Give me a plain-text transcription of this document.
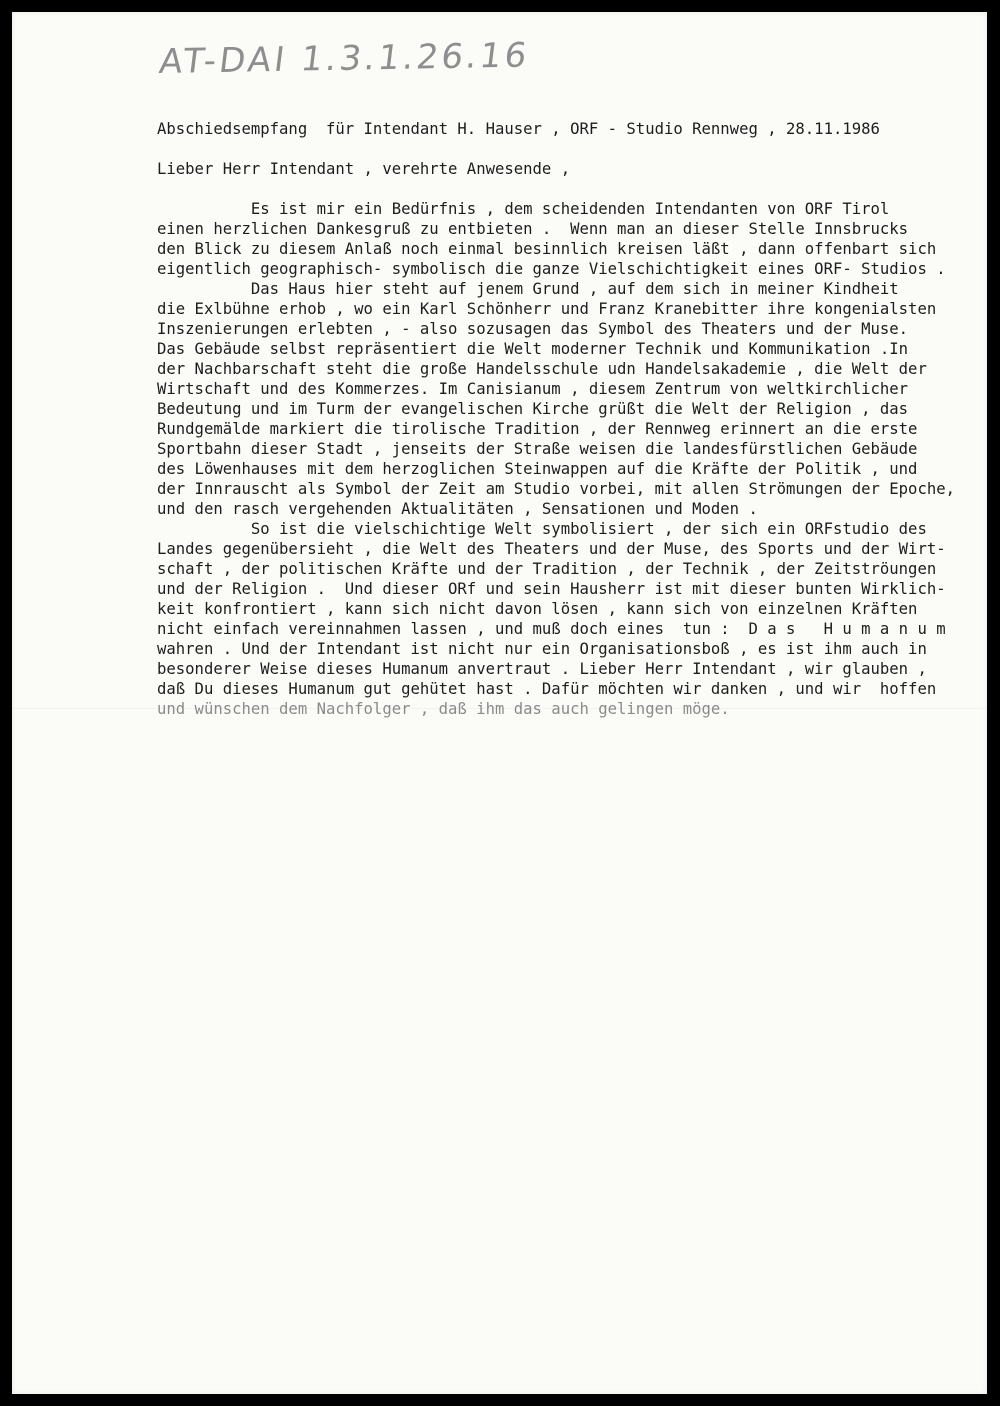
AT-DAI 1.3.1.26.16
Abschiedsempfang  für Intendant H. Hauser , ORF - Studio Rennweg , 28.11.1986
Lieber Herr Intendant , verehrte Anwesende ,
Es ist mir ein Bedürfnis , dem scheidenden Intendanten von ORF Tirol
einen herzlichen Dankesgruß zu entbieten .  Wenn man an dieser Stelle Innsbrucks
den Blick zu diesem Anlaß noch einmal besinnlich kreisen läßt , dann offenbart sich
eigentlich geographisch- symbolisch die ganze Vielschichtigkeit eines ORF- Studios .
Das Haus hier steht auf jenem Grund , auf dem sich in meiner Kindheit
die Exlbühne erhob , wo ein Karl Schönherr und Franz Kranebitter ihre kongenialsten
Inszenierungen erlebten , - also sozusagen das Symbol des Theaters und der Muse.
Das Gebäude selbst repräsentiert die Welt moderner Technik und Kommunikation .In
der Nachbarschaft steht die große Handelsschule udn Handelsakademie , die Welt der
Wirtschaft und des Kommerzes. Im Canisianum , diesem Zentrum von weltkirchlicher
Bedeutung und im Turm der evangelischen Kirche grüßt die Welt der Religion , das
Rundgemälde markiert die tirolische Tradition , der Rennweg erinnert an die erste
Sportbahn dieser Stadt , jenseits der Straße weisen die landesfürstlichen Gebäude
des Löwenhauses mit dem herzoglichen Steinwappen auf die Kräfte der Politik , und
der Innrauscht als Symbol der Zeit am Studio vorbei, mit allen Strömungen der Epoche,
und den rasch vergehenden Aktualitäten , Sensationen und Moden .
So ist die vielschichtige Welt symbolisiert , der sich ein ORFstudio des
Landes gegenübersieht , die Welt des Theaters und der Muse, des Sports und der Wirt-
schaft , der politischen Kräfte und der Tradition , der Technik , der Zeitströungen
und der Religion .  Und dieser ORf und sein Hausherr ist mit dieser bunten Wirklich-
keit konfrontiert , kann sich nicht davon lösen , kann sich von einzelnen Kräften
nicht einfach vereinnahmen lassen , und muß doch eines  tun :  D a s   H u m a n u m
wahren . Und der Intendant ist nicht nur ein Organisationsboß , es ist ihm auch in
besonderer Weise dieses Humanum anvertraut . Lieber Herr Intendant , wir glauben ,
daß Du dieses Humanum gut gehütet hast . Dafür möchten wir danken , und wir  hoffen
und wünschen dem Nachfolger , daß ihm das auch gelingen möge.
